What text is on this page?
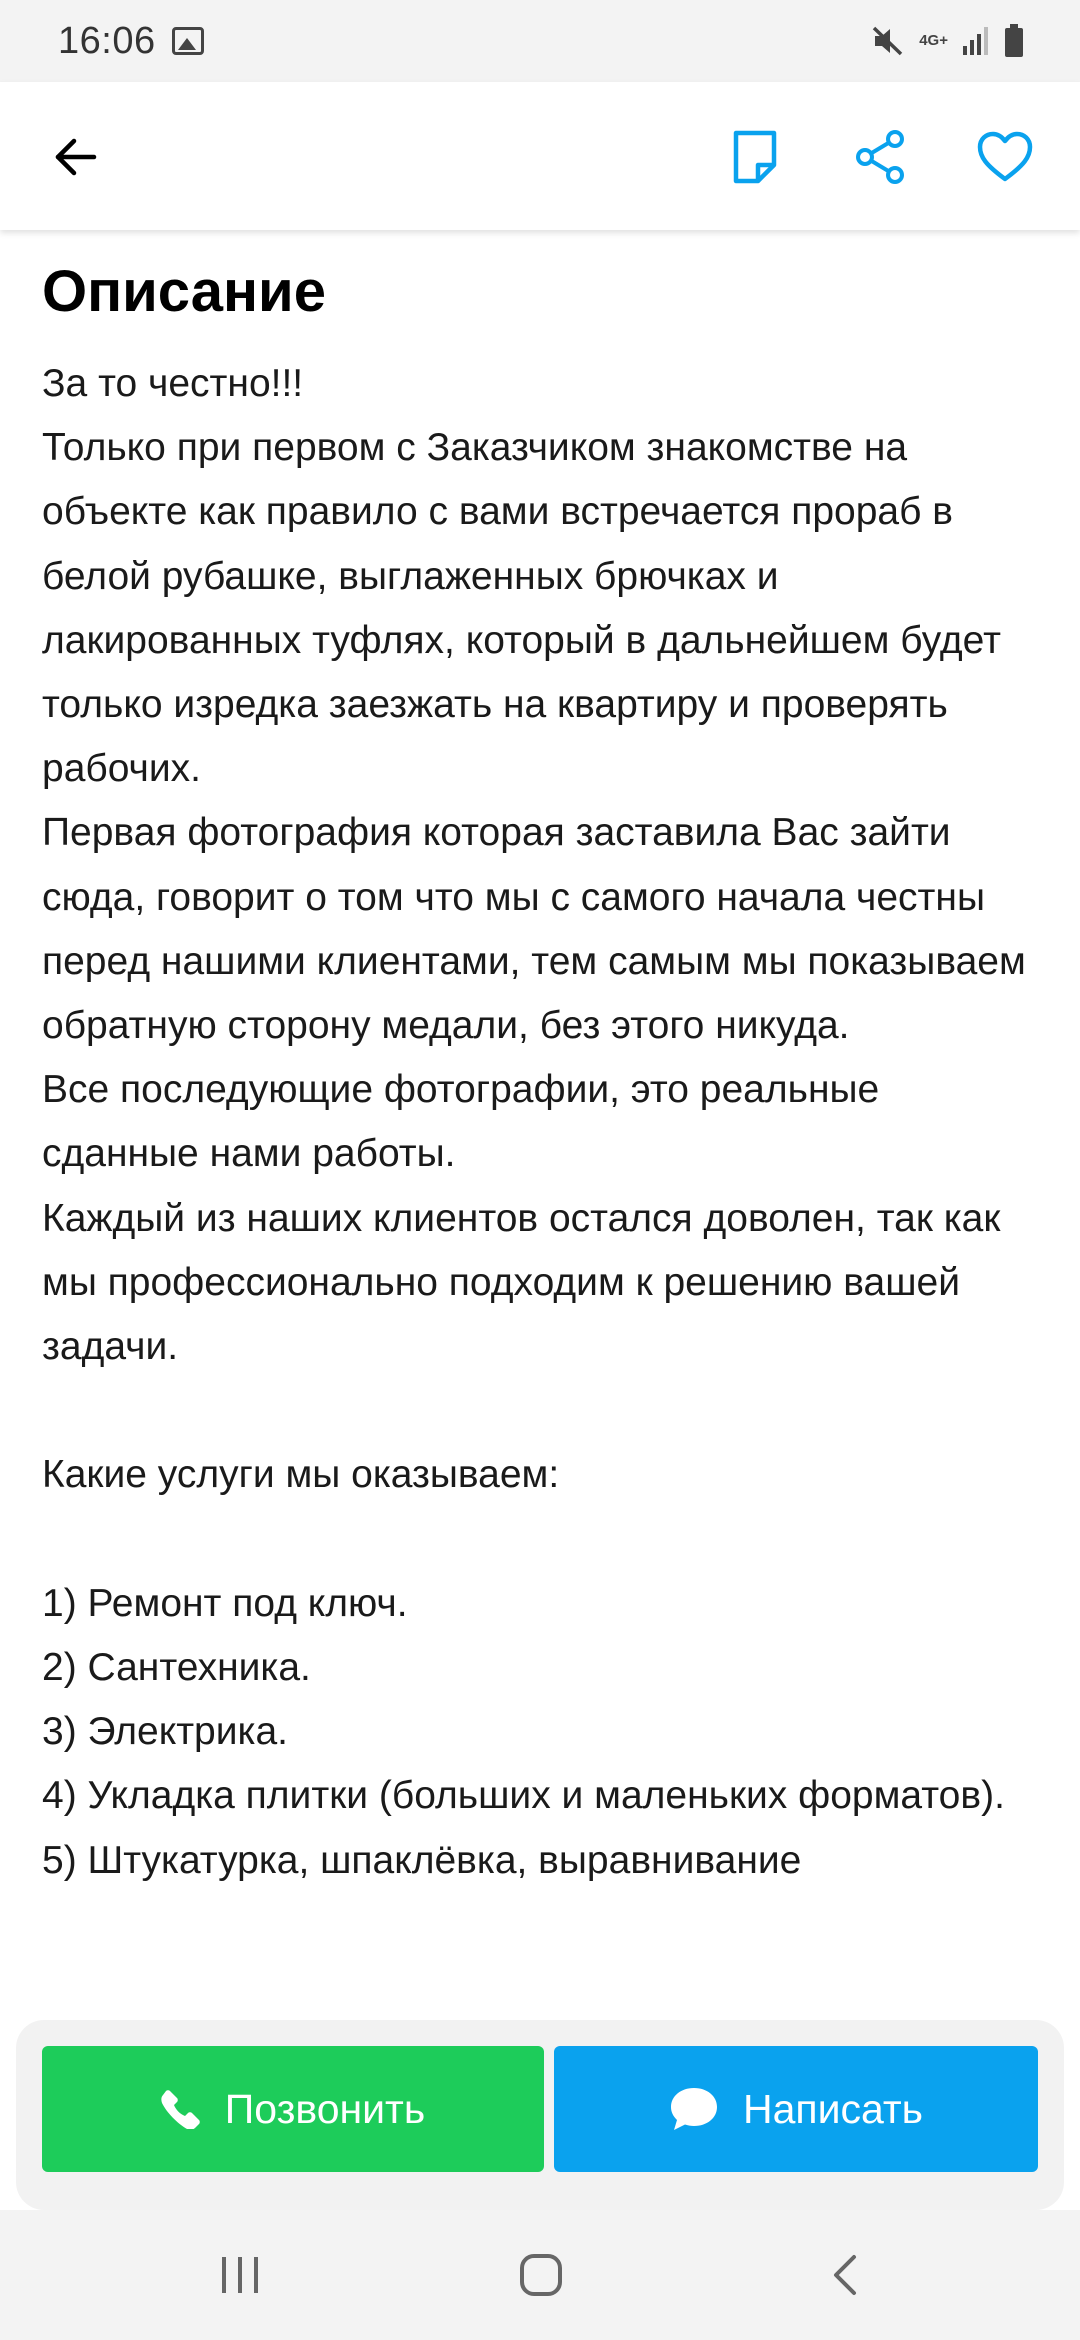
16:06	4G+
Описание
За то честно!!!
Только при первом с Заказчиком знакомстве на объекте как правило с вами встречается прораб в белой рубашке, выглаженных брючках и лакированных туфлях, который в дальнейшем будет только изредка заезжать на квартиру и проверять рабочих.
Первая фотография которая заставила Вас зайти сюда, говорит о том что мы с самого начала честны перед нашими клиентами, тем самым мы показываем обратную сторону медали, без этого никуда.
Все последующие фотографии, это реальные сданные нами работы.
Каждый из наших клиентов остался доволен, так как мы профессионально подходим к решению вашей задачи.

Какие услуги мы оказываем:

1) Ремонт под ключ.
2) Сантехника.
3) Электрика.
4) Укладка плитки (больших и маленьких форматов).
5) Штукатурка, шпаклёвка, выравнивание
Позвонить	Написать
